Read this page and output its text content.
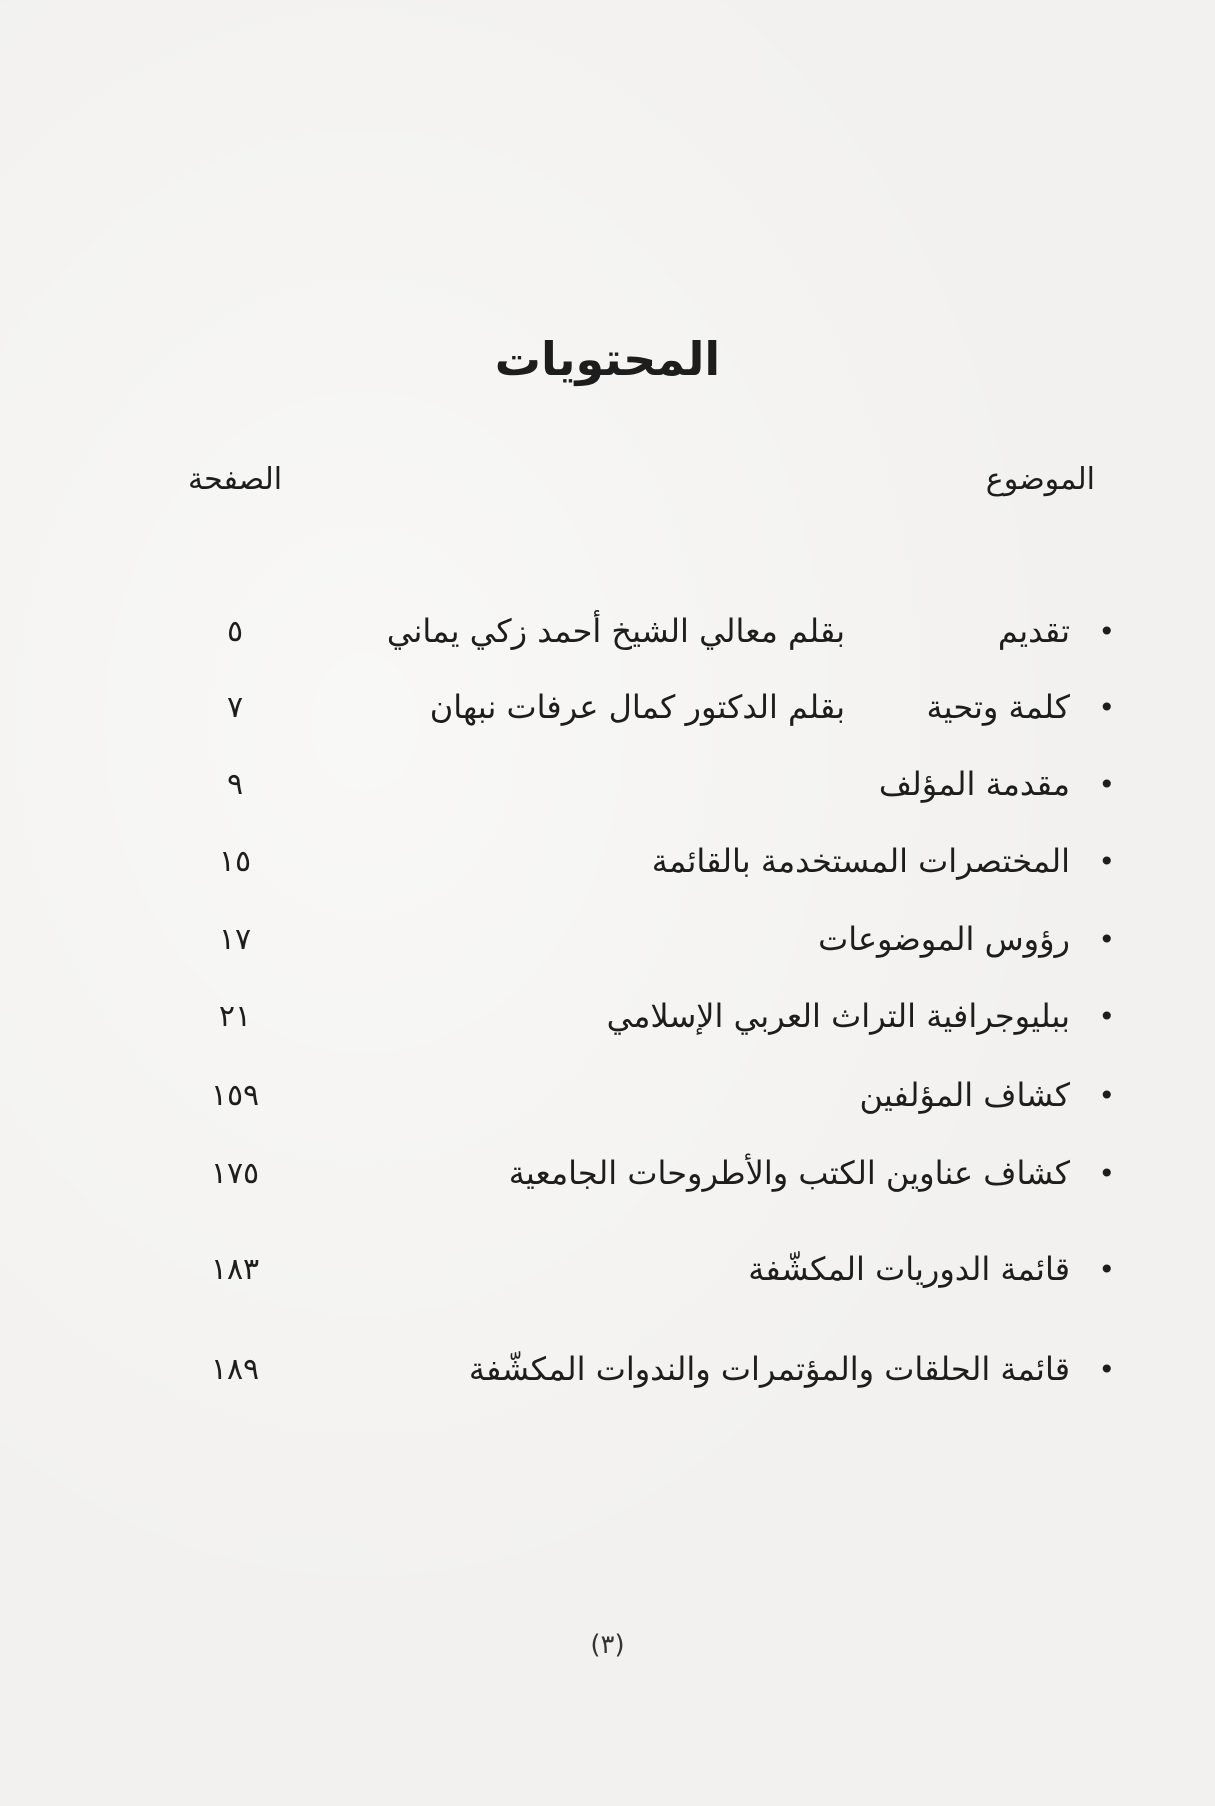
المحتويات
الموضوع
الصفحة
•
تقديم
بقلم معالي الشيخ أحمد زكي يماني
٥
•
كلمة وتحية
بقلم الدكتور كمال عرفات نبهان
٧
•
مقدمة المؤلف
٩
•
المختصرات المستخدمة بالقائمة
١٥
•
رؤوس الموضوعات
١٧
•
ببليوجرافية التراث العربي الإسلامي
٢١
•
كشاف المؤلفين
١٥٩
•
كشاف عناوين الكتب والأطروحات الجامعية
١٧٥
•
قائمة الدوريات المكشّفة
١٨٣
•
قائمة الحلقات والمؤتمرات والندوات المكشّفة
١٨٩
(٣)
